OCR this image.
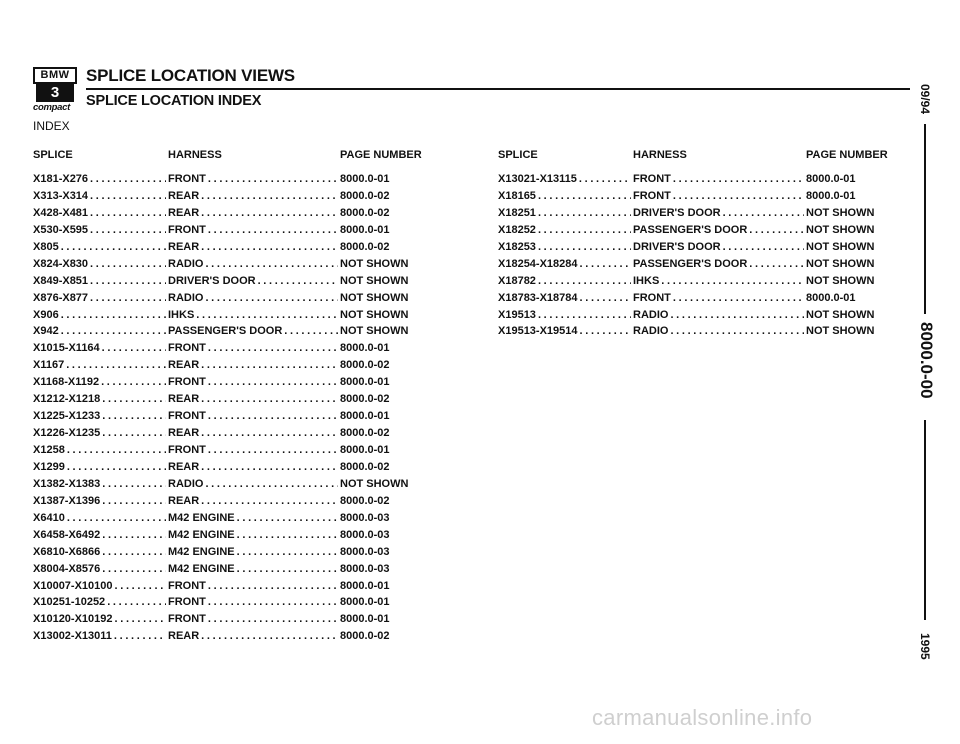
BMW
3
compact
SPLICE LOCATION VIEWS
SPLICE LOCATION INDEX
INDEX
SPLICE	HARNESS	PAGE NUMBER	SPLICE	HARNESS	PAGE NUMBER
X181-X276 . . .	FRONT . . .	8000.0-01
X313-X314 . . .	REAR . . .	8000.0-02
X428-X481 . . .	REAR . . .	8000.0-02
X530-X595 . . .	FRONT . . .	8000.0-01
X805 . . .	REAR . . .	8000.0-02
X824-X830 . . .	RADIO . . .	NOT SHOWN
X849-X851 . . .	DRIVER'S DOOR . . .	NOT SHOWN
X876-X877 . . .	RADIO . . .	NOT SHOWN
X906 . . .	IHKS . . .	NOT SHOWN
X942 . . .	PASSENGER'S DOOR . . .	NOT SHOWN
X1015-X1164 . . .	FRONT . . .	8000.0-01
X1167 . . .	REAR . . .	8000.0-02
X1168-X1192 . . .	FRONT . . .	8000.0-01
X1212-X1218 . . .	REAR . . .	8000.0-02
X1225-X1233 . . .	FRONT . . .	8000.0-01
X1226-X1235 . . .	REAR . . .	8000.0-02
X1258 . . .	FRONT . . .	8000.0-01
X1299 . . .	REAR . . .	8000.0-02
X1382-X1383 . . .	RADIO . . .	NOT SHOWN
X1387-X1396 . . .	REAR . . .	8000.0-02
X6410 . . .	M42 ENGINE . . .	8000.0-03
X6458-X6492 . . .	M42 ENGINE . . .	8000.0-03
X6810-X6866 . . .	M42 ENGINE . . .	8000.0-03
X8004-X8576 . . .	M42 ENGINE . . .	8000.0-03
X10007-X10100 . . .	FRONT . . .	8000.0-01
X10251-10252 . . .	FRONT . . .	8000.0-01
X10120-X10192 . . .	FRONT . . .	8000.0-01
X13002-X13011 . . .	REAR . . .	8000.0-02
X13021-X13115 . . .	FRONT . . .	8000.0-01
X18165 . . .	FRONT . . .	8000.0-01
X18251 . . .	DRIVER'S DOOR . . .	NOT SHOWN
X18252 . . .	PASSENGER'S DOOR . . .	NOT SHOWN
X18253 . . .	DRIVER'S DOOR . . .	NOT SHOWN
X18254-X18284 . . .	PASSENGER'S DOOR . . .	NOT SHOWN
X18782 . . .	IHKS . . .	NOT SHOWN
X18783-X18784 . . .	FRONT . . .	8000.0-01
X19513 . . .	RADIO . . .	NOT SHOWN
X19513-X19514 . . .	RADIO . . .	NOT SHOWN
09/94
8000.0-00
1995
carmanualsonline.info
